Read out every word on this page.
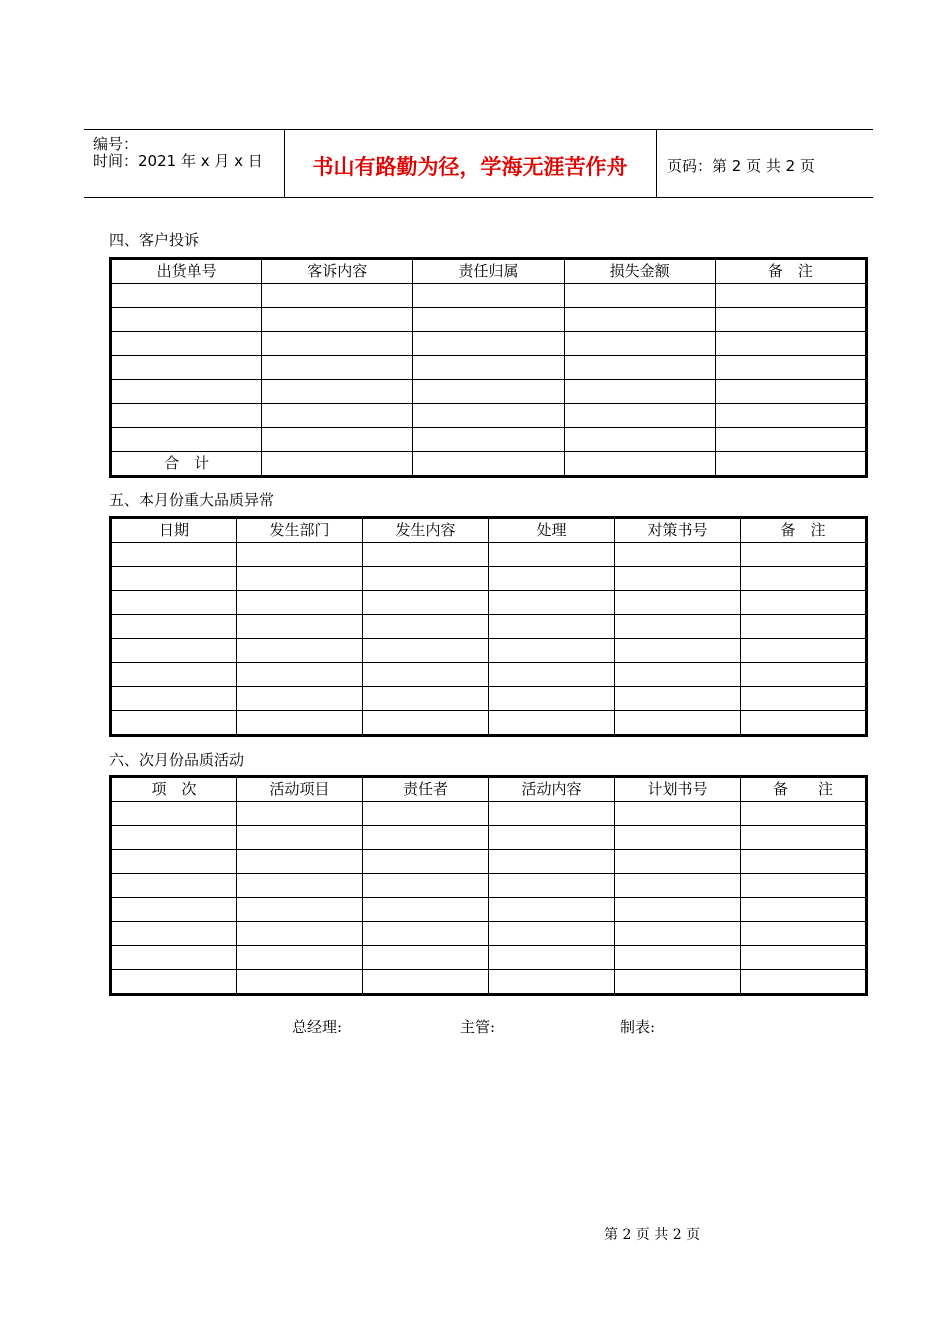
编号：
时间：2021 年 x 月 x 日	书山有路勤为径，学海无涯苦作舟	页码：第 2 页 共 2 页
四、客户投诉
出货单号	客诉内容	责任归属	损失金额	备　注

合　计				
五、本月份重大品质异常
日期	发生部门	发生内容	处理	对策书号	备　注

六、次月份品质活动
项　次	活动项目	责任者	活动内容	计划书号	备　　注

总经理:	主管:	制表:
第 2 页 共 2 页
